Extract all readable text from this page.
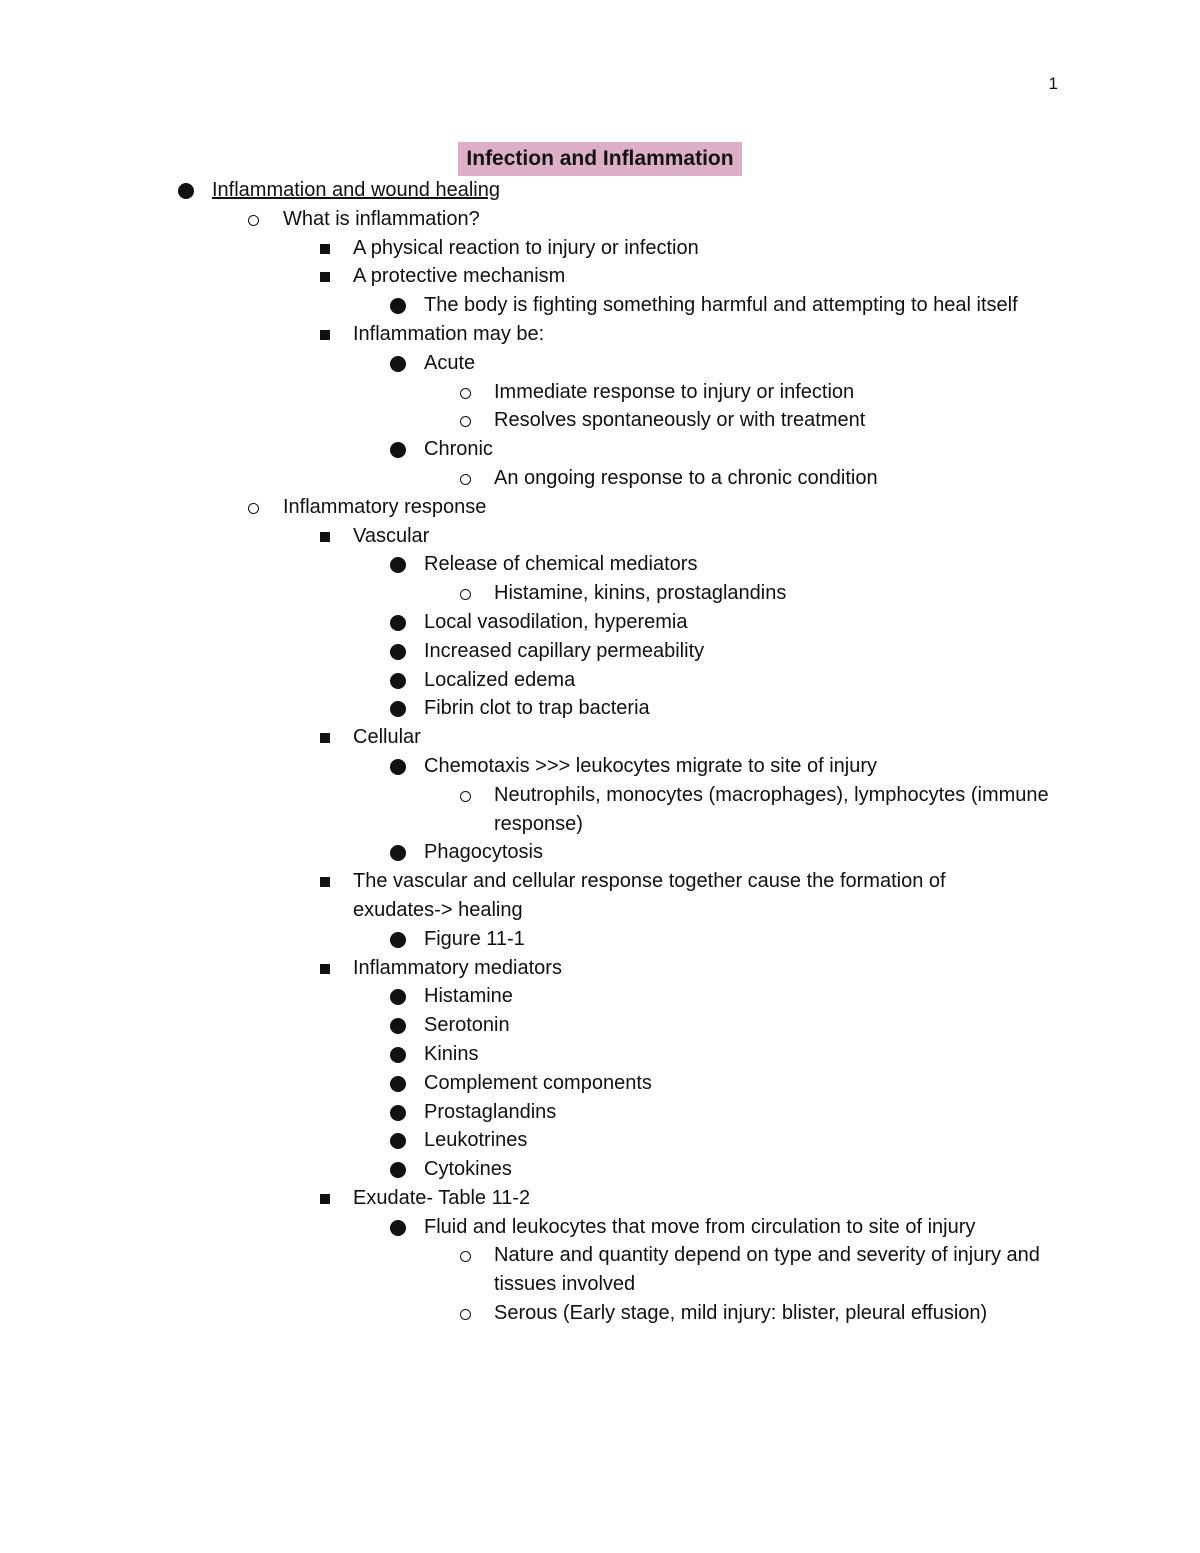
1
Infection and Inflammation
Inflammation and wound healing
What is inflammation?
A physical reaction to injury or infection
A protective mechanism
The body is fighting something harmful and attempting to heal itself
Inflammation may be:
Acute
Immediate response to injury or infection
Resolves spontaneously or with treatment
Chronic
An ongoing response to a chronic condition
Inflammatory response
Vascular
Release of chemical mediators
Histamine, kinins, prostaglandins
Local vasodilation, hyperemia
Increased capillary permeability
Localized edema
Fibrin clot to trap bacteria
Cellular
Chemotaxis >>> leukocytes migrate to site of injury
Neutrophils, monocytes (macrophages), lymphocytes (immune response)
Phagocytosis
The vascular and cellular response together cause the formation of exudates-> healing
Figure 11-1
Inflammatory mediators
Histamine
Serotonin
Kinins
Complement components
Prostaglandins
Leukotrines
Cytokines
Exudate- Table 11-2
Fluid and leukocytes that move from circulation to site of injury
Nature and quantity depend on type and severity of injury and tissues involved
Serous (Early stage, mild injury: blister, pleural effusion)
